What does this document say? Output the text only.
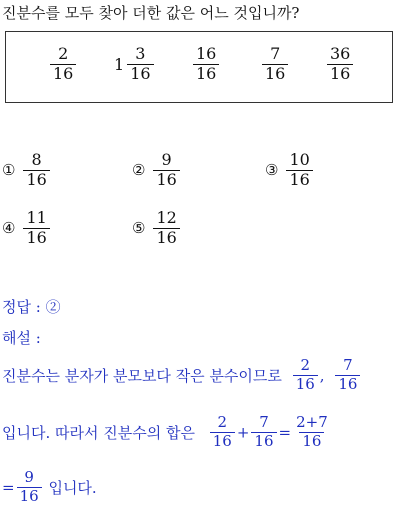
진분수를 모두 찾아 더한 값은 어느 것입니까?
$\frac{2}{16} 1 \frac{3}{16} \frac{16}{16}$	$\frac{7}{16} \frac{36}{16}$
① $\frac{8}{16}$	② $\frac{9}{16}$	③ $\frac{10}{16}$
④ $\frac{11}{16}$	⑤ $\frac{12}{16}$
정답 : ②
해설 :
진분수는 분자가 분모보다 작은 분수이므로 $\frac{2}{16}$ , $\frac{7}{16}$
입니다. 따라서 진분수의 합은 $\frac{2}{16} + \frac{7}{16} = \frac{2+7}{16}$
= $\frac{9}{16}$ 입니다.
